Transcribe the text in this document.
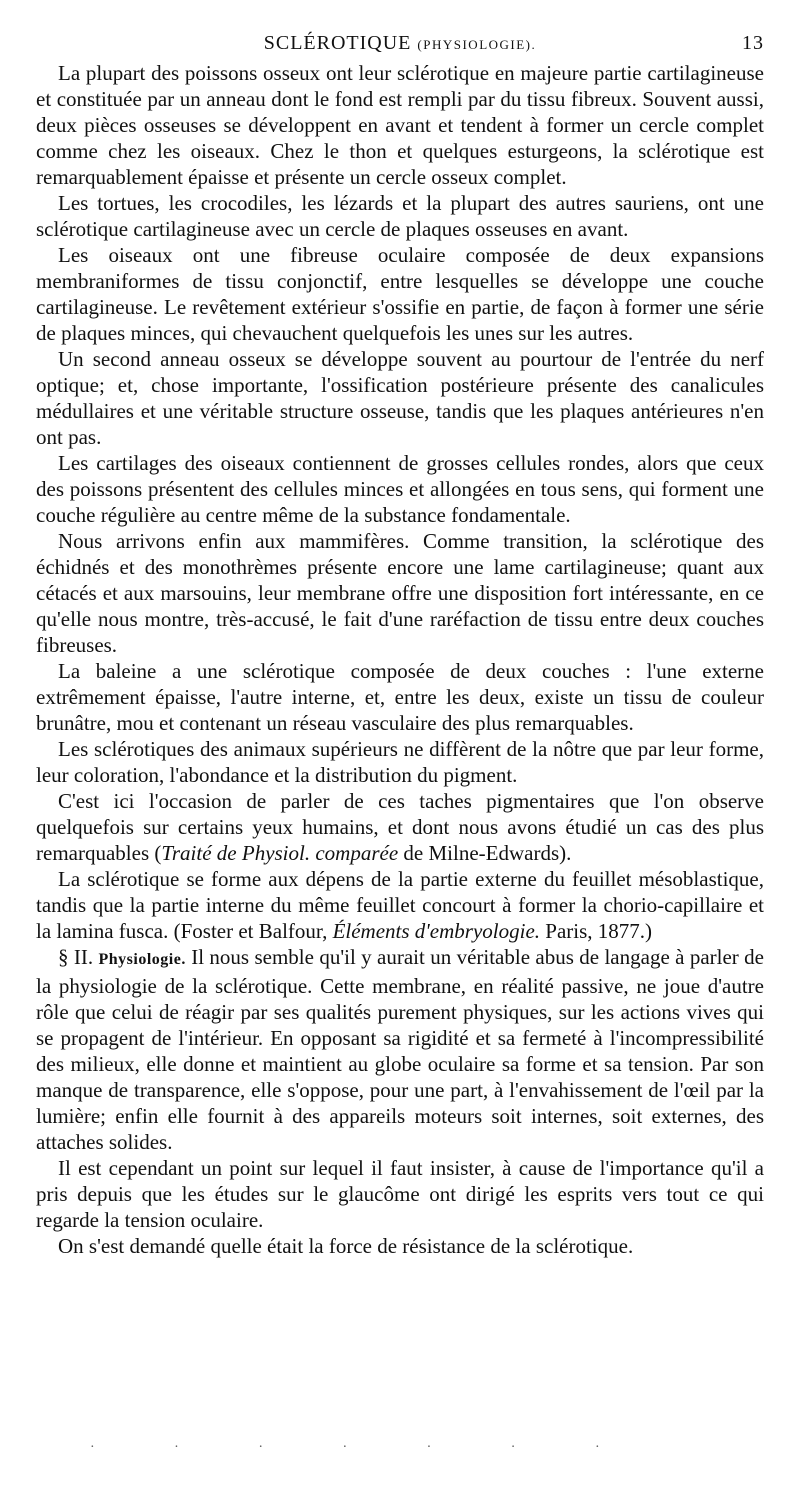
SCLÉROTIQUE (PHYSIOLOGIE).	13

La plupart des poissons osseux ont leur sclérotique en majeure partie cartilagineuse et constituée par un anneau dont le fond est rempli par du tissu fibreux. Souvent aussi, deux pièces osseuses se développent en avant et tendent à former un cercle complet comme chez les oiseaux. Chez le thon et quelques esturgeons, la sclérotique est remarquablement épaisse et présente un cercle osseux complet.

Les tortues, les crocodiles, les lézards et la plupart des autres sauriens, ont une sclérotique cartilagineuse avec un cercle de plaques osseuses en avant.

Les oiseaux ont une fibreuse oculaire composée de deux expansions membraniformes de tissu conjonctif, entre lesquelles se développe une couche cartilagineuse. Le revêtement extérieur s'ossifie en partie, de façon à former une série de plaques minces, qui chevauchent quelquefois les unes sur les autres.

Un second anneau osseux se développe souvent au pourtour de l'entrée du nerf optique; et, chose importante, l'ossification postérieure présente des canalicules médullaires et une véritable structure osseuse, tandis que les plaques antérieures n'en ont pas.

Les cartilages des oiseaux contiennent de grosses cellules rondes, alors que ceux des poissons présentent des cellules minces et allongées en tous sens, qui forment une couche régulière au centre même de la substance fondamentale.

Nous arrivons enfin aux mammifères. Comme transition, la sclérotique des échidnés et des monothrèmes présente encore une lame cartilagineuse; quant aux cétacés et aux marsouins, leur membrane offre une disposition fort intéressante, en ce qu'elle nous montre, très-accusé, le fait d'une raréfaction de tissu entre deux couches fibreuses.

La baleine a une sclérotique composée de deux couches : l'une externe extrêmement épaisse, l'autre interne, et, entre les deux, existe un tissu de couleur brunâtre, mou et contenant un réseau vasculaire des plus remarquables.

Les sclérotiques des animaux supérieurs ne diffèrent de la nôtre que par leur forme, leur coloration, l'abondance et la distribution du pigment.

C'est ici l'occasion de parler de ces taches pigmentaires que l'on observe quelquefois sur certains yeux humains, et dont nous avons étudié un cas des plus remarquables (Traité de Physiol. comparée de Milne-Edwards).

La sclérotique se forme aux dépens de la partie externe du feuillet mésoblastique, tandis que la partie interne du même feuillet concourt à former la chorio-capillaire et la lamina fusca. (Foster et Balfour, Éléments d'embryologie. Paris, 1877.)

§ II. Physiologie. Il nous semble qu'il y aurait un véritable abus de langage à parler de la physiologie de la sclérotique. Cette membrane, en réalité passive, ne joue d'autre rôle que celui de réagir par ses qualités purement physiques, sur les actions vives qui se propagent de l'intérieur. En opposant sa rigidité et sa fermeté à l'incompressibilité des milieux, elle donne et maintient au globe oculaire sa forme et sa tension. Par son manque de transparence, elle s'oppose, pour une part, à l'envahissement de l'œil par la lumière; enfin elle fournit à des appareils moteurs soit internes, soit externes, des attaches solides.

Il est cependant un point sur lequel il faut insister, à cause de l'importance qu'il a pris depuis que les études sur le glaucôme ont dirigé les esprits vers tout ce qui regarde la tension oculaire.

On s'est demandé quelle était la force de résistance de la sclérotique.

· · · · · · ·
